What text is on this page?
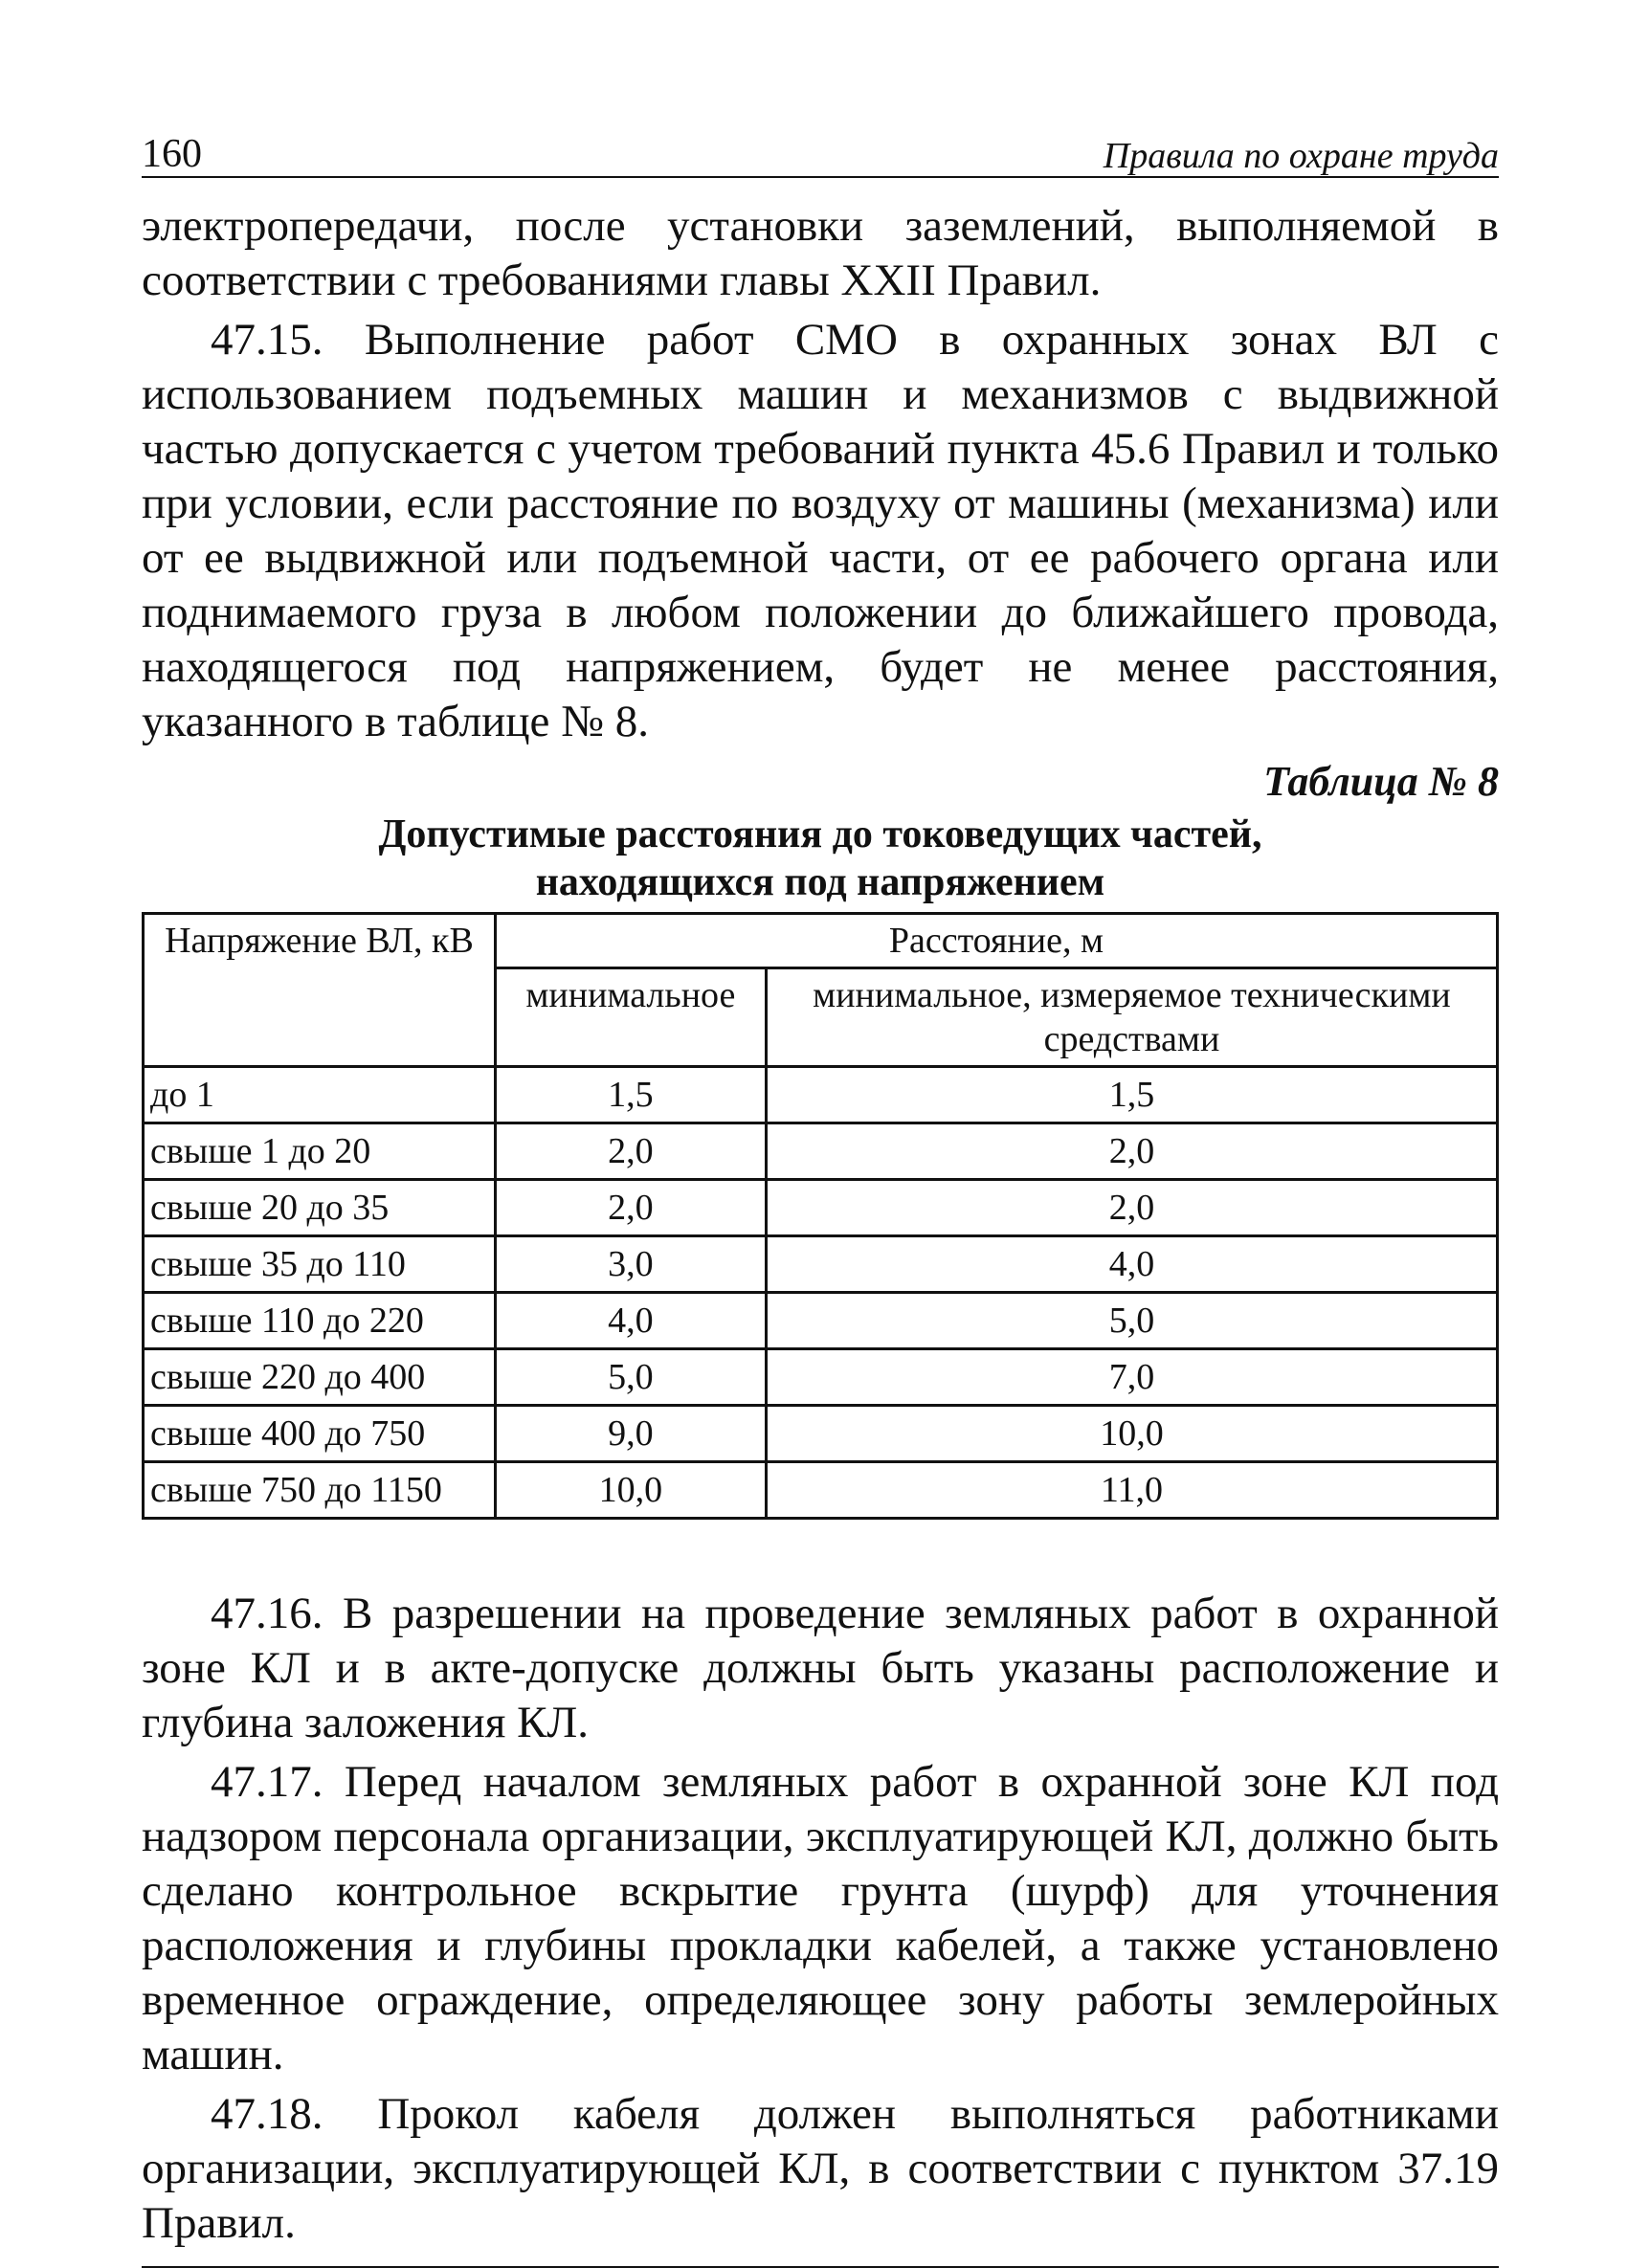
160	Правила по охране труда

электропередачи, после установки заземлений, выполняемой в соответствии с требованиями главы XXII Правил.

47.15. Выполнение работ СМО в охранных зонах ВЛ с использованием подъемных машин и механизмов с выдвижной частью допускается с учетом требований пункта 45.6 Правил и только при условии, если расстояние по воздуху от машины (механизма) или от ее выдвижной или подъемной части, от ее рабочего органа или поднимаемого груза в любом положении до ближайшего провода, находящегося под напряжением, будет не менее расстояния, указанного в таблице № 8.

Таблица № 8
Допустимые расстояния до токоведущих частей,
находящихся под напряжением
Напряжение ВЛ, кВ	Расстояние, м	
	минимальное	минимальное, измеряемое техническими средствами
до 1	1,5	1,5
свыше 1 до 20	2,0	2,0
свыше 20 до 35	2,0	2,0
свыше 35 до 110	3,0	4,0
свыше 110 до 220	4,0	5,0
свыше 220 до 400	5,0	7,0
свыше 400 до 750	9,0	10,0
свыше 750 до 1150	10,0	11,0

47.16. В разрешении на проведение земляных работ в охранной зоне КЛ и в акте-допуске должны быть указаны расположение и глубина заложения КЛ.

47.17. Перед началом земляных работ в охранной зоне КЛ под надзором персонала организации, эксплуатирующей КЛ, должно быть сделано контрольное вскрытие грунта (шурф) для уточнения расположения и глубины прокладки кабелей, а также установлено временное ограждение, определяющее зону работы землеройных машин.

47.18. Прокол кабеля должен выполняться работниками организации, эксплуатирующей КЛ, в соответствии с пунктом 37.19 Правил.
